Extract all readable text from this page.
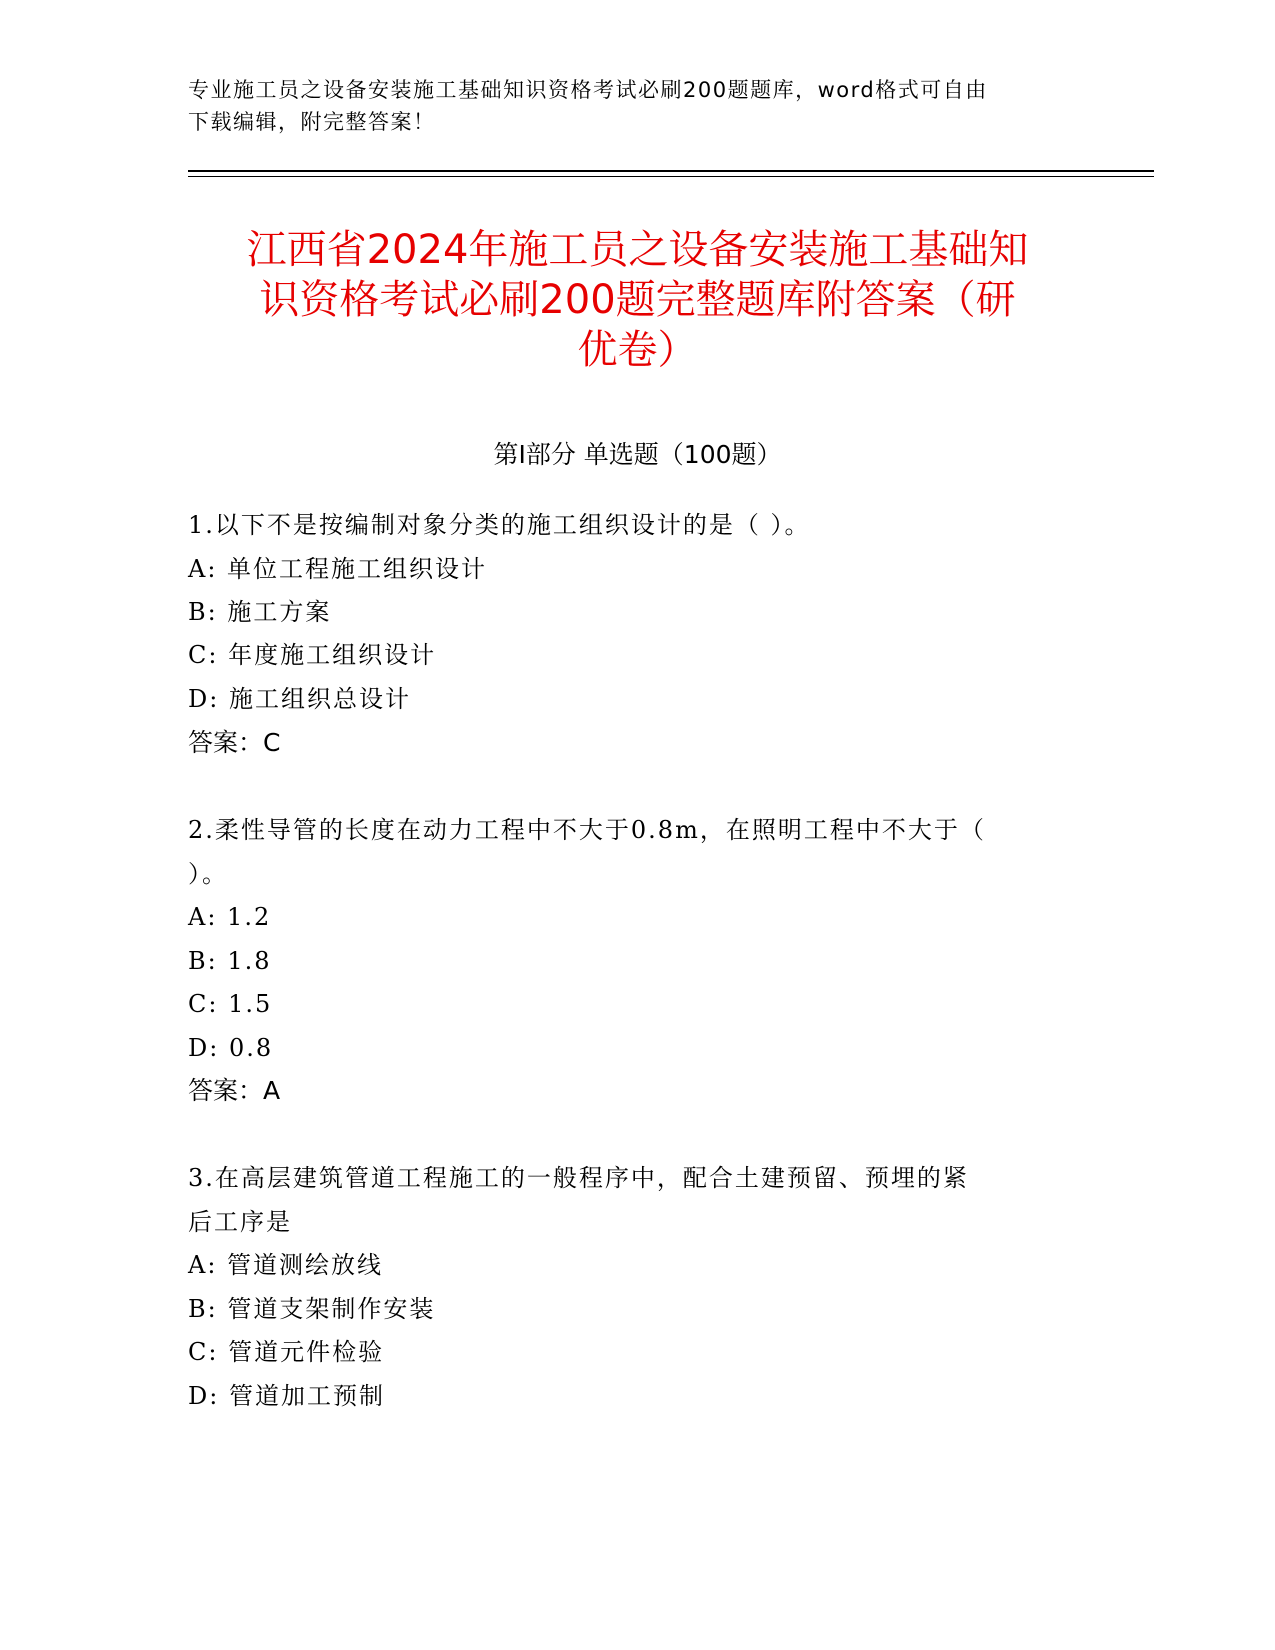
专业施工员之设备安装施工基础知识资格考试必刷200题题库，word格式可自由
下载编辑，附完整答案！
江西省2024年施工员之设备安装施工基础知
识资格考试必刷200题完整题库附答案（研
优卷）
第Ⅰ部分 单选题（100题）
1.以下不是按编制对象分类的施工组织设计的是（ ）。
A: 单位工程施工组织设计
B: 施工方案
C: 年度施工组织设计
D: 施工组织总设计
答案：C
2.柔性导管的长度在动力工程中不大于0.8m，在照明工程中不大于（
）。
A: 1.2
B: 1.8
C: 1.5
D: 0.8
答案：A
3.在高层建筑管道工程施工的一般程序中，配合土建预留、预埋的紧
后工序是
A: 管道测绘放线
B: 管道支架制作安装
C: 管道元件检验
D: 管道加工预制
